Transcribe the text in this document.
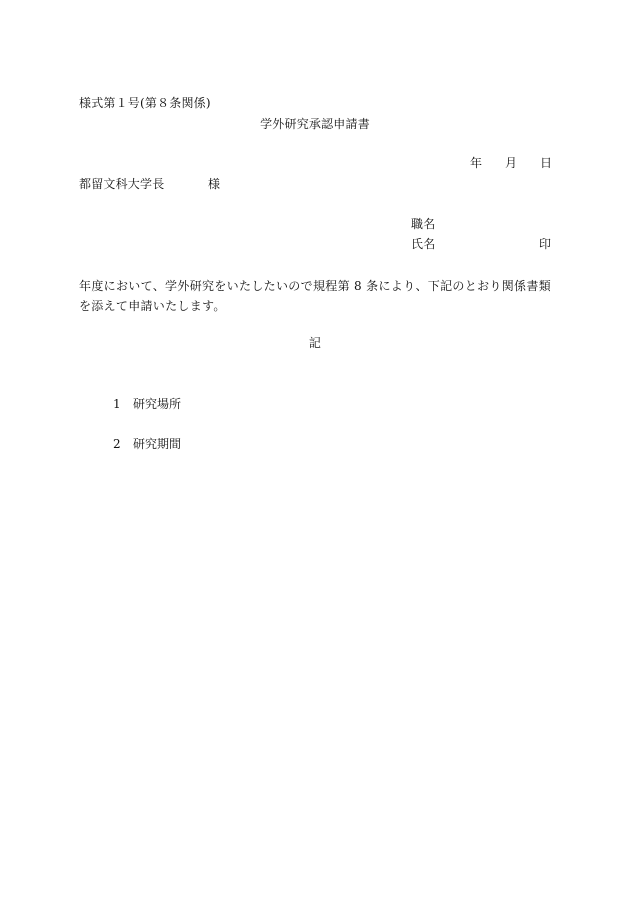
様式第１号(第８条関係)
学外研究承認申請書
年 月 日
都留文科大学長	様
職名
氏名	印
年度において、学外研究をいたしたいので規程第 8 条により、下記のとおり関係書類を添えて申請いたします。
記
1 研究場所
2 研究期間
